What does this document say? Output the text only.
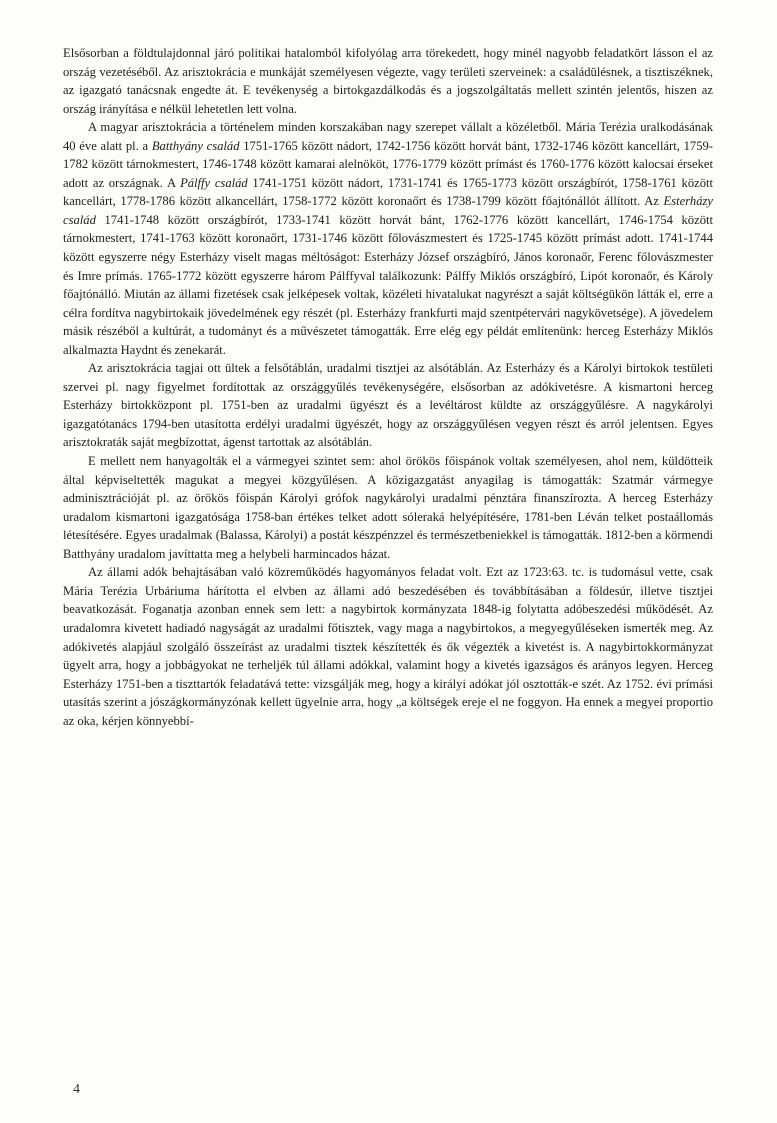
Elsősorban a földtulajdonnal járó politikai hatalomból kifolyólag arra törekedett, hogy minél nagyobb feladatkört lásson el az ország vezetéséből. Az arisztokrácia e munkáját személyesen végezte, vagy területi szerveinek: a családülésnek, a tisztiszéknek, az igazgató tanácsnak engedte át. E tevékenység a birtokgazdálkodás és a jogszolgáltatás mellett szintén jelentős, hiszen az ország irányítása e nélkül lehetetlen lett volna.

A magyar arisztokrácia a történelem minden korszakában nagy szerepet vállalt a közéletből. Mária Terézia uralkodásának 40 éve alatt pl. a Batthyány család 1751-1765 között nádort, 1742-1756 között horvát bánt, 1732-1746 között kancellárt, 1759-1782 között tárnokmestert, 1746-1748 között kamarai alelnököt, 1776-1779 között prímást és 1760-1776 között kalocsai érseket adott az országnak. A Pálffy család 1741-1751 között nádort, 1731-1741 és 1765-1773 között országbírót, 1758-1761 között kancellárt, 1778-1786 között alkancellárt, 1758-1772 között koronaőrt és 1738-1799 között főajtónállót állított. Az Esterházy család 1741-1748 között országbírót, 1733-1741 között horvát bánt, 1762-1776 között kancellárt, 1746-1754 között tárnokmestert, 1741-1763 között koronaőrt, 1731-1746 között főlovászmestert és 1725-1745 között prímást adott. 1741-1744 között egyszerre négy Esterházy viselt magas méltóságot: Esterházy József országbíró, János koronaőr, Ferenc főlovászmester és Imre prímás. 1765-1772 között egyszerre három Pálffyval találkozunk: Pálffy Miklós országbíró, Lipót koronaőr, és Károly főajtónálló. Miután az állami fizetések csak jelképesek voltak, közéleti hivatalukat nagyrészt a saját költségükön látták el, erre a célra fordítva nagybirtokaik jövedelmének egy részét (pl. Esterházy frankfurti majd szentpétervári nagykövetsége). A jövedelem másik részéből a kultúrát, a tudományt és a művészetet támogatták. Erre elég egy példát említenünk: herceg Esterházy Miklós alkalmazta Haydnt és zenekarát.

Az arisztokrácia tagjai ott ültek a felsőtáblán, uradalmi tisztjei az alsótáblán. Az Esterházy és a Károlyi birtokok testületi szervei pl. nagy figyelmet fordítottak az országgyűlés tevékenységére, elsősorban az adókivetésre. A kismartoni herceg Esterházy birtokközpont pl. 1751-ben az uradalmi ügyészt és a levéltárost küldte az országgyűlésre. A nagykárolyi igazgatótanács 1794-ben utasította erdélyi uradalmi ügyészét, hogy az országgyűlésen vegyen részt és arról jelentsen. Egyes arisztokraták saját megbízottat, ágenst tartottak az alsótáblán.

E mellett nem hanyagolták el a vármegyei szintet sem: ahol örökös főispánok voltak személyesen, ahol nem, küldötteik által képviseltették magukat a megyei közgyűlésen. A közigazgatást anyagilag is támogatták: Szatmár vármegye adminisztrációját pl. az örökös főispán Károlyi grófok nagykárolyi uradalmi pénztára finanszírozta. A herceg Esterházy uradalom kismartoni igazgatósága 1758-ban értékes telket adott sóleraká helyépítésére, 1781-ben Léván telket postaállomás létesítésére. Egyes uradalmak (Balassa, Károlyi) a postát készpénzzel és természetbeniekkel is támogatták. 1812-ben a körmendi Batthyány uradalom javíttatta meg a helybeli harmincados házat.

Az állami adók behajtásában való közreműködés hagyományos feladat volt. Ezt az 1723:63. tc. is tudomásul vette, csak Mária Terézia Urbáriuma hárította el elvben az állami adó beszedésében és továbbításában a földesúr, illetve tisztjei beavatkozását. Foganatja azonban ennek sem lett: a nagybirtok kormányzata 1848-ig folytatta adóbeszedési működését. Az uradalomra kivetett hadiadó nagyságát az uradalmi főtisztek, vagy maga a nagybirtokos, a megyegyűléseken ismerték meg. Az adókivetés alapjául szolgáló összeírást az uradalmi tisztek készítették és ők végezték a kivetést is. A nagybirtokkormányzat ügyelt arra, hogy a jobbágyokat ne terheljék túl állami adókkal, valamint hogy a kivetés igazságos és arányos legyen. Herceg Esterházy 1751-ben a tiszttartók feladatává tette: vizsgálják meg, hogy a királyi adókat jól osztották-e szét. Az 1752. évi prímási utasítás szerint a jószágkormányzónak kellett ügyelnie arra, hogy „a költségek ereje el ne foggyon. Ha ennek a megyei proportio az oka, kérjen könnyebbí-

4
